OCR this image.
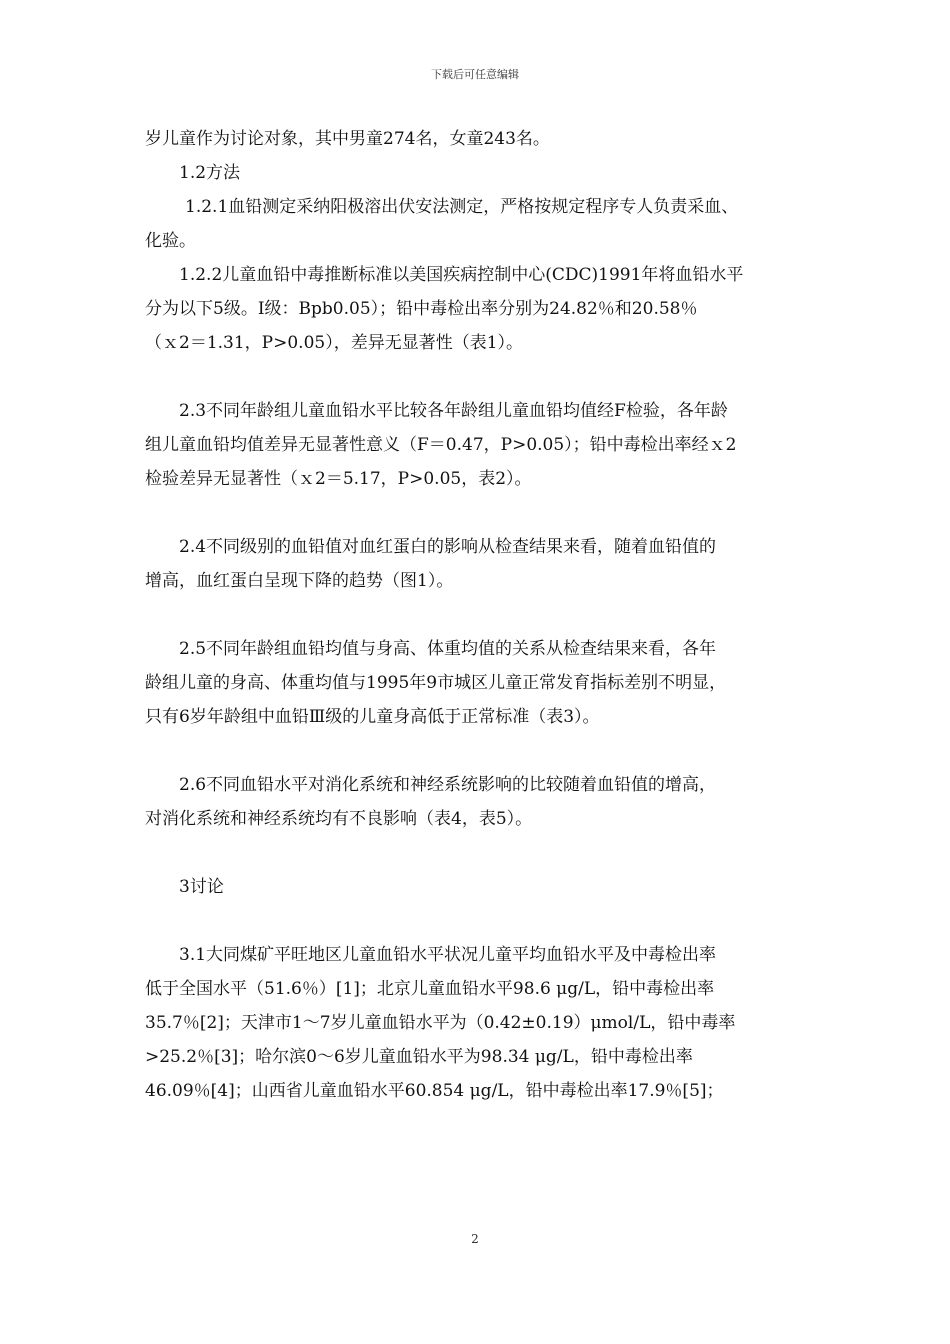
下载后可任意编辑

岁儿童作为讨论对象，其中男童274名，女童243名。

1.2方法

1.2.1血铅测定采纳阳极溶出伏安法测定，严格按规定程序专人负责采血、

化验。

1.2.2儿童血铅中毒推断标准以美国疾病控制中心(CDC)1991年将血铅水平

分为以下5级。Ⅰ级：Bpb0.05）；铅中毒检出率分别为24.82％和20.58％

（ｘ2＝1.31，P>0.05），差异无显著性（表1）。

2.3不同年龄组儿童血铅水平比较各年龄组儿童血铅均值经F检验，各年龄

组儿童血铅均值差异无显著性意义（F＝0.47，P>0.05）；铅中毒检出率经ｘ2

检验差异无显著性（ｘ2＝5.17，P>0.05，表2）。

2.4不同级别的血铅值对血红蛋白的影响从检查结果来看，随着血铅值的

增高，血红蛋白呈现下降的趋势（图1）。

2.5不同年龄组血铅均值与身高、体重均值的关系从检查结果来看，各年

龄组儿童的身高、体重均值与1995年9市城区儿童正常发育指标差别不明显，

只有6岁年龄组中血铅Ⅲ级的儿童身高低于正常标准（表3）。

2.6不同血铅水平对消化系统和神经系统影响的比较随着血铅值的增高，

对消化系统和神经系统均有不良影响（表4，表5）。

3讨论

3.1大同煤矿平旺地区儿童血铅水平状况儿童平均血铅水平及中毒检出率

低于全国水平（51.6％）[1]；北京儿童血铅水平98.6 μg/L，铅中毒检出率

35.7％[2]；天津市1～7岁儿童血铅水平为（0.42±0.19）μmol/L，铅中毒率

>25.2％[3]；哈尔滨0～6岁儿童血铅水平为98.34 μg/L，铅中毒检出率

46.09％[4]；山西省儿童血铅水平60.854 μg/L，铅中毒检出率17.9％[5]；

2
